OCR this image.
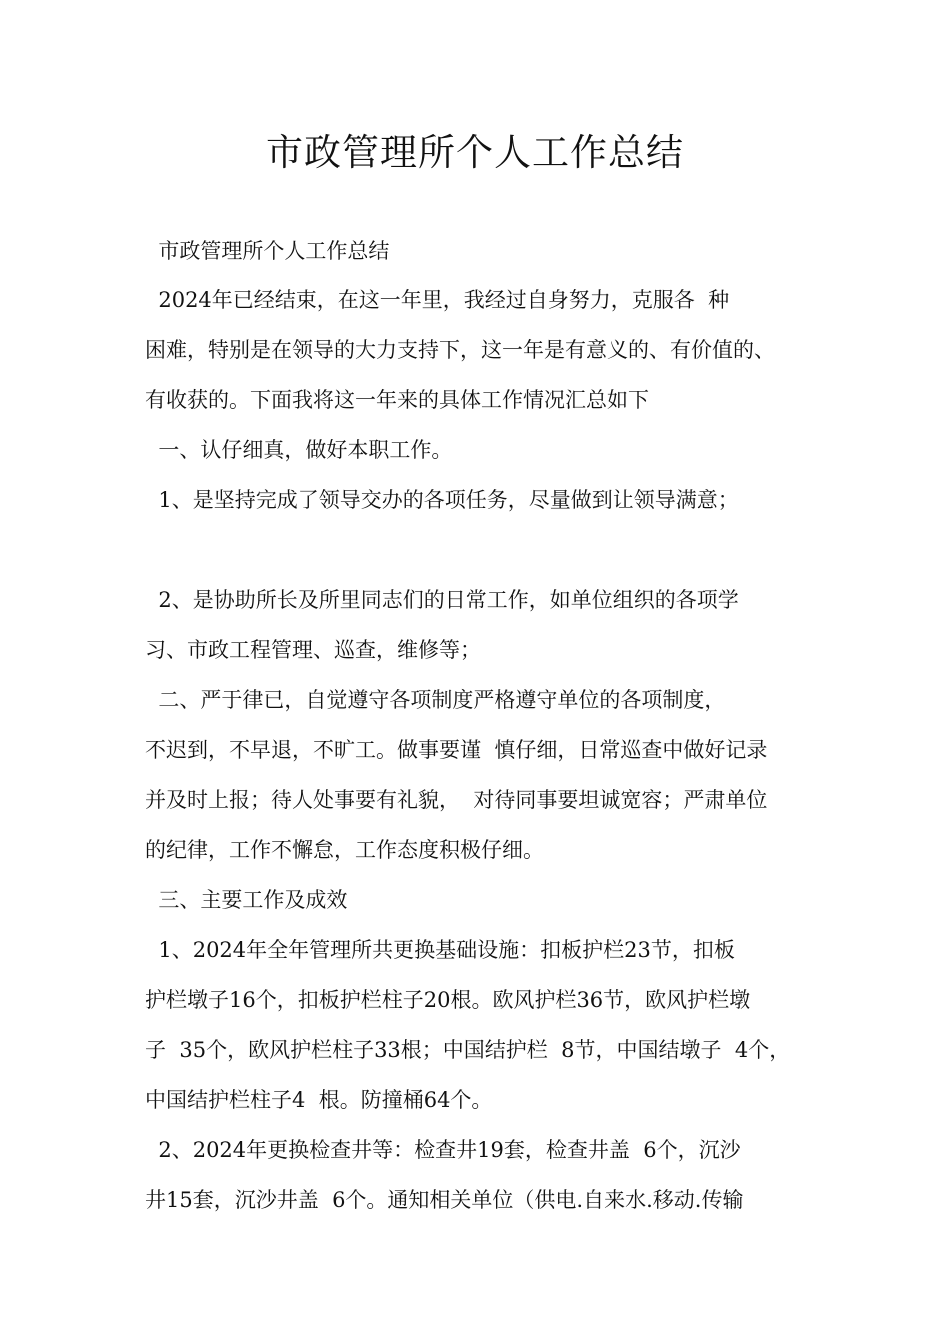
市政管理所个人工作总结
市政管理所个人工作总结
2024年已经结束，在这一年里，我经过自身努力，克服各  种
困难，特别是在领导的大力支持下，这一年是有意义的、有价值的、
有收获的。下面我将这一年来的具体工作情况汇总如下
一、认仔细真，做好本职工作。
1、是坚持完成了领导交办的各项任务，尽量做到让领导满意；
2、是协助所长及所里同志们的日常工作，如单位组织的各项学
习、市政工程管理、巡查，维修等；
二、严于律已，自觉遵守各项制度严格遵守单位的各项制度，
不迟到，不早退，不旷工。做事要谨  慎仔细，日常巡查中做好记录
并及时上报；待人处事要有礼貌，  对待同事要坦诚宽容；严肃单位
的纪律，工作不懈怠，工作态度积极仔细。
三、主要工作及成效
1、2024年全年管理所共更换基础设施：扣板护栏23节，扣板
护栏墩子16个，扣板护栏柱子20根。欧风护栏36节，欧风护栏墩
子  35个，欧风护栏柱子33根；中国结护栏  8节，中国结墩子  4个，
中国结护栏柱子4  根。防撞桶64个。
2、2024年更换检查井等：检查井19套，检查井盖  6个，沉沙
井15套，沉沙井盖  6个。通知相关单位（供电.自来水.移动.传输
